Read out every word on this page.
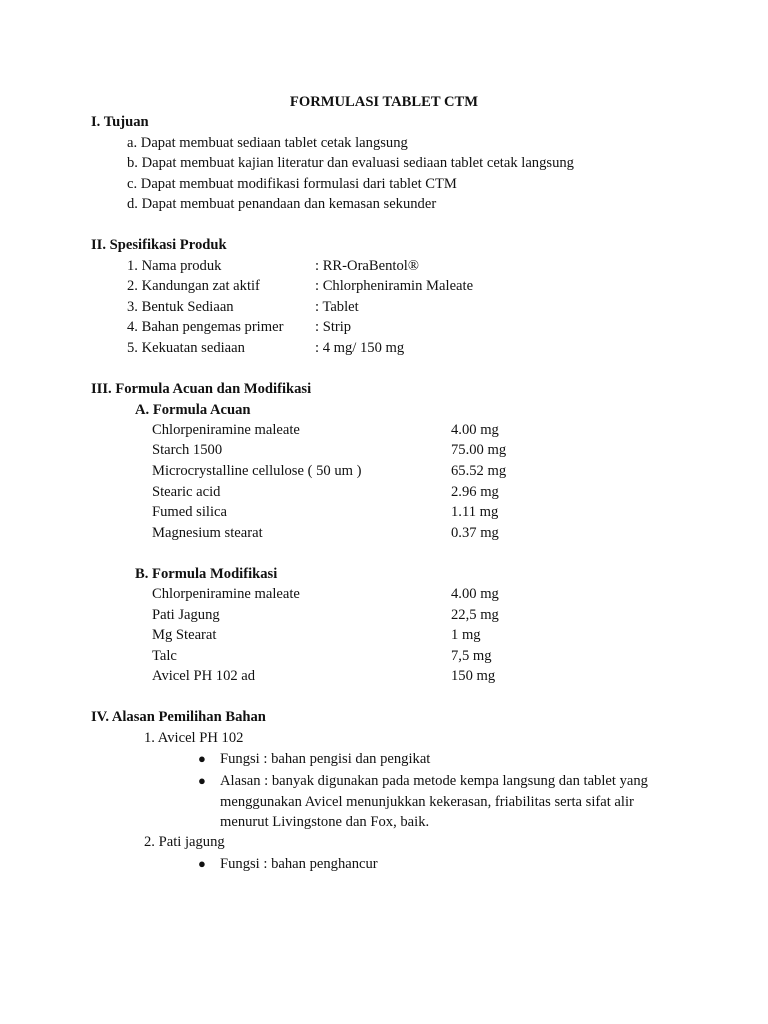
FORMULASI TABLET CTM
I. Tujuan
a. Dapat membuat sediaan tablet cetak langsung
b. Dapat membuat kajian literatur dan evaluasi sediaan tablet cetak langsung
c. Dapat membuat modifikasi formulasi dari tablet CTM
d. Dapat membuat penandaan dan kemasan sekunder
II. Spesifikasi Produk
1. Nama produk	: RR-OraBentol®
2. Kandungan zat aktif	: Chlorpheniramin Maleate
3. Bentuk Sediaan	: Tablet
4. Bahan pengemas primer : Strip
5. Kekuatan sediaan	: 4 mg/ 150 mg
III. Formula Acuan dan Modifikasi
A. Formula Acuan
Chlorpeniramine maleate	4.00 mg
Starch 1500	75.00 mg
Microcrystalline cellulose ( 50 um )	65.52 mg
Stearic acid	2.96 mg
Fumed silica	1.11 mg
Magnesium stearat	0.37 mg
B. Formula Modifikasi
Chlorpeniramine maleate	4.00 mg
Pati Jagung	22,5 mg
Mg Stearat	1 mg
Talc	7,5 mg
Avicel PH 102 ad	150 mg
IV. Alasan Pemilihan Bahan
1. Avicel PH 102
● Fungsi : bahan pengisi dan pengikat
● Alasan : banyak digunakan pada metode kempa langsung dan tablet yang
menggunakan Avicel menunjukkan kekerasan, friabilitas serta sifat alir
menurut Livingstone dan Fox, baik.
2. Pati jagung
● Fungsi : bahan penghancur
